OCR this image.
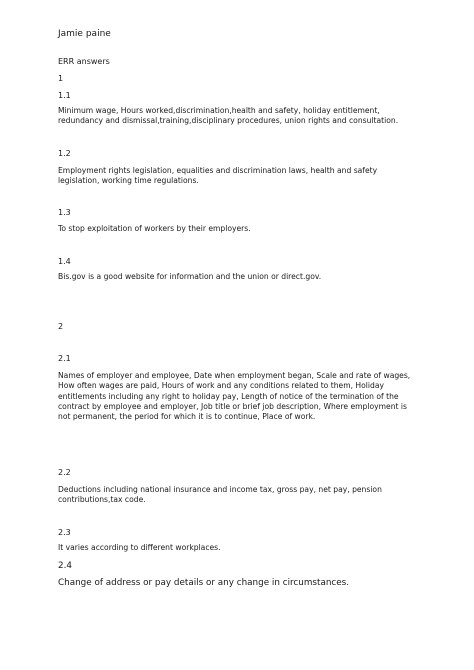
Jamie paine

ERR answers

1

1.1

Minimum wage, Hours worked,discrimination,health and safety, holiday entitlement, redundancy and dismissal,training,disciplinary procedures, union rights and consultation.

1.2

Employment rights legislation, equalities and discrimination laws, health and safety legislation, working time regulations.

1.3

To stop exploitation of workers by their employers.

1.4

Bis.gov is a good website for information and the union or direct.gov.

2

2.1

Names of employer and employee, Date when employment began, Scale and rate of wages, How often wages are paid, Hours of work and any conditions related to them, Holiday entitlements including any right to holiday pay, Length of notice of the termination of the contract by employee and employer, Job title or brief job description, Where employment is not permanent, the period for which it is to continue, Place of work.

2.2

Deductions including national insurance and income tax, gross pay, net pay, pension contributions,tax code.

2.3

It varies according to different workplaces.

2.4

Change of address or pay details or any change in circumstances.
